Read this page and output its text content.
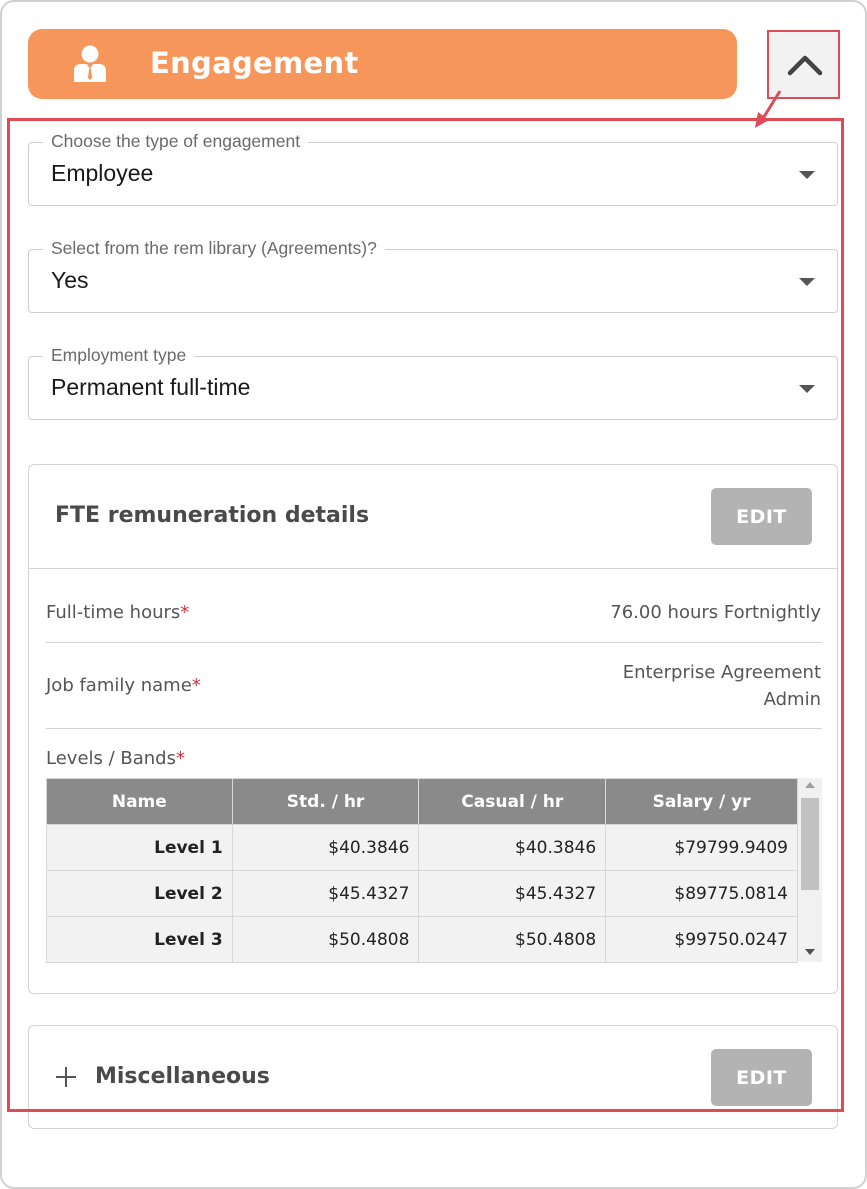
Engagement
Choose the type of engagement
Employee
Select from the rem library (Agreements)?
Yes
Employment type
Permanent full-time
FTE remuneration details	EDIT
Full-time hours*	76.00 hours Fortnightly
Job family name*
Enterprise Agreement
Admin
Levels / Bands*
Name	Std. / hr	Casual / hr	Salary / yr
Level 1	$40.3846	$40.3846	$79799.9409
Level 2	$45.4327	$45.4327	$89775.0814
Level 3	$50.4808	$50.4808	$99750.0247
Miscellaneous	EDIT
